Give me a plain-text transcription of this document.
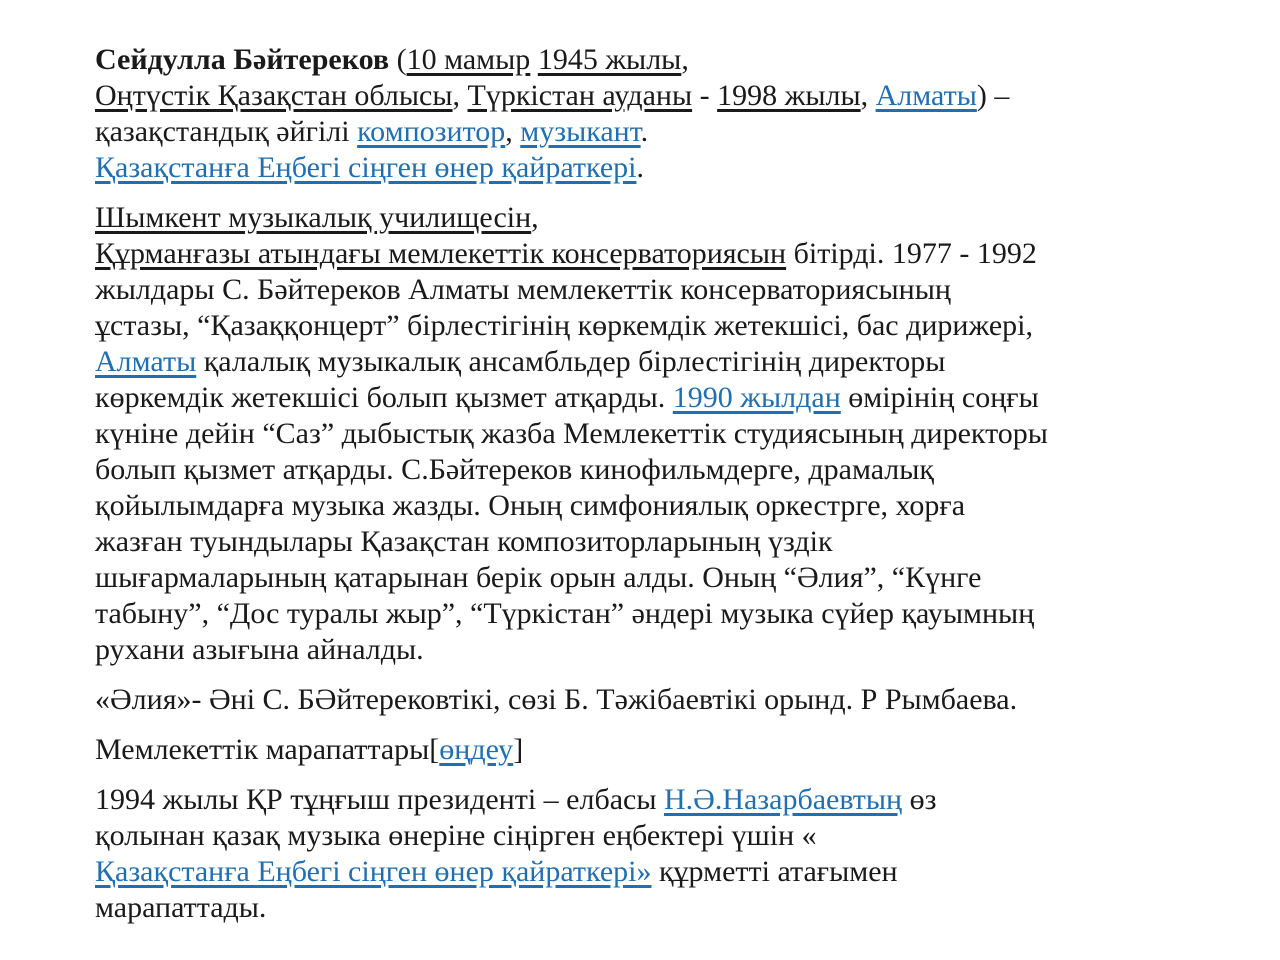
Сейдулла Бәйтереков (10 мамыр 1945 жылы,
Оңтүстік Қазақстан облысы, Түркістан ауданы - 1998 жылы, Алматы) –
қазақстандық әйгілі композитор, музыкант.
Қазақстанға Еңбегі сіңген өнер қайраткері.

Шымкент музыкалық училищесін,
Құрманғазы атындағы мемлекеттік консерваториясын бітірді. 1977 - 1992
жылдары С. Бәйтереков Алматы мемлекеттік консерваториясының
ұстазы, “Қазаққонцерт” бірлестігінің көркемдік жетекшісі, бас дирижері,
Алматы қалалық музыкалық ансамбльдер бірлестігінің директоры
көркемдік жетекшісі болып қызмет атқарды. 1990 жылдан өмірінің соңғы
күніне дейін “Саз” дыбыстық жазба Мемлекеттік студиясының директоры
болып қызмет атқарды. С.Бәйтереков кинофильмдерге, драмалық
қойылымдарға музыка жазды. Оның симфониялық оркестрге, хорға
жазған туындылары Қазақстан композиторларының үздік
шығармаларының қатарынан берік орын алды. Оның “Әлия”, “Күнге
табыну”, “Дос туралы жыр”, “Түркістан” әндері музыка сүйер қауымның
рухани азығына айналды.

«Әлия»- Әні С. БӘйтерековтікі, сөзі Б. Тәжібаевтікі орынд. Р Рымбаева.

Мемлекеттік марапаттары[өңдеу]

1994 жылы ҚР тұңғыш президенті – елбасы Н.Ә.Назарбаевтың өз
қолынан қазақ музыка өнеріне сіңірген еңбектері үшін «
Қазақстанға Еңбегі сіңген өнер қайраткері» құрметті атағымен
марапаттады.
